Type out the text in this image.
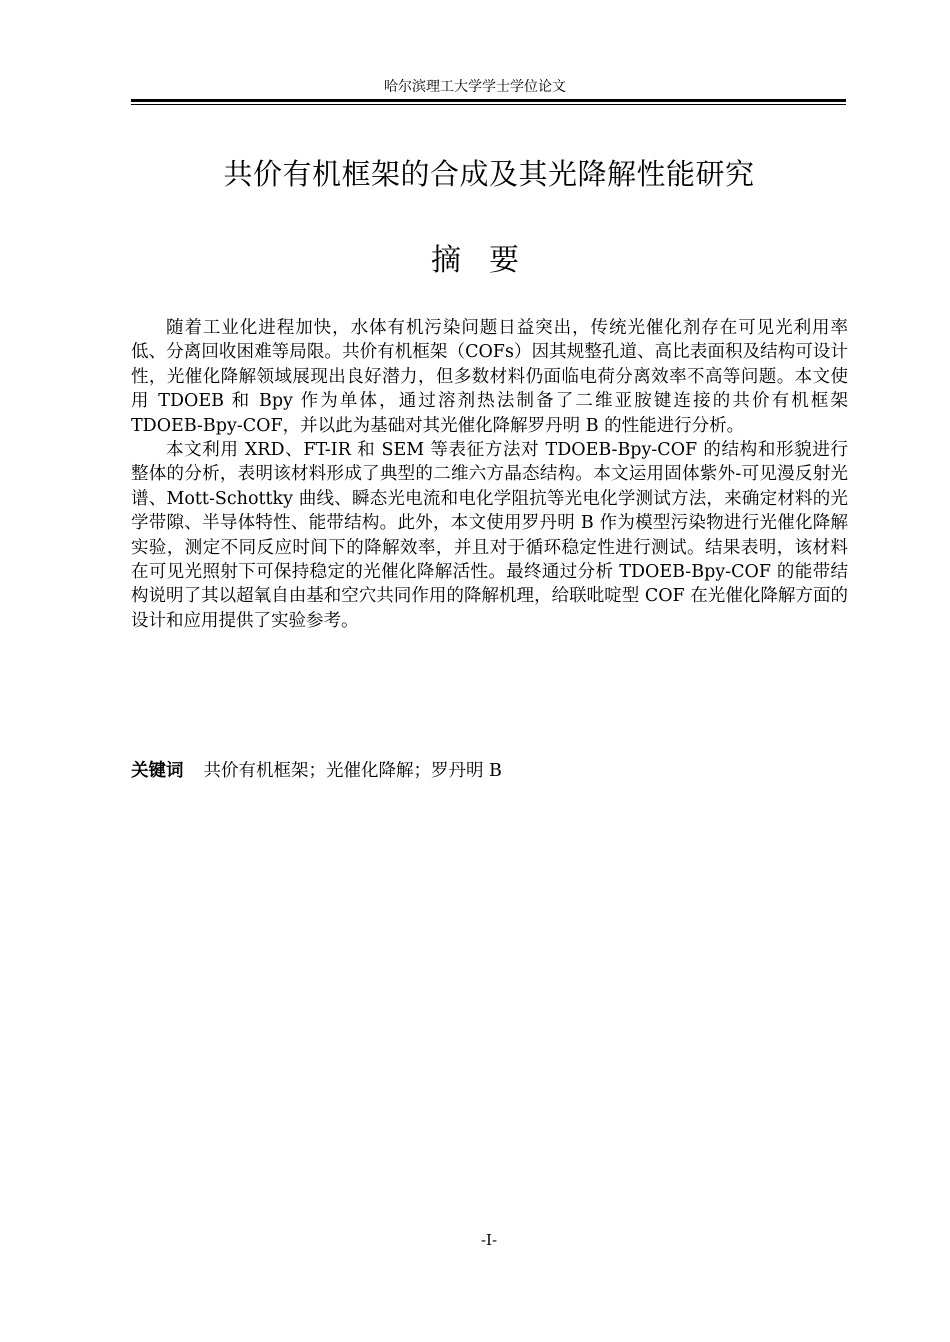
哈尔滨理工大学学士学位论文
共价有机框架的合成及其光降解性能研究
摘要

随着工业化进程加快，水体有机污染问题日益突出，传统光催化剂存在可见光利用率低、分离回收困难等局限。共价有机框架（COFs）因其规整孔道、高比表面积及结构可设计性，光催化降解领域展现出良好潜力，但多数材料仍面临电荷分离效率不高等问题。本文使用 TDOEB 和 Bpy 作为单体，通过溶剂热法制备了二维亚胺键连接的共价有机框架 TDOEB-Bpy-COF，并以此为基础对其光催化降解罗丹明 B 的性能进行分析。

本文利用 XRD、FT-IR 和 SEM 等表征方法对 TDOEB-Bpy-COF 的结构和形貌进行整体的分析，表明该材料形成了典型的二维六方晶态结构。本文运用固体紫外-可见漫反射光谱、Mott-Schottky 曲线、瞬态光电流和电化学阻抗等光电化学测试方法，来确定材料的光学带隙、半导体特性、能带结构。此外，本文使用罗丹明 B 作为模型污染物进行光催化降解实验，测定不同反应时间下的降解效率，并且对于循环稳定性进行测试。结果表明，该材料在可见光照射下可保持稳定的光催化降解活性。最终通过分析 TDOEB-Bpy-COF 的能带结构说明了其以超氧自由基和空穴共同作用的降解机理，给联吡啶型 COF 在光催化降解方面的设计和应用提供了实验参考。

关键词 共价有机框架；光催化降解；罗丹明 B
-I-
